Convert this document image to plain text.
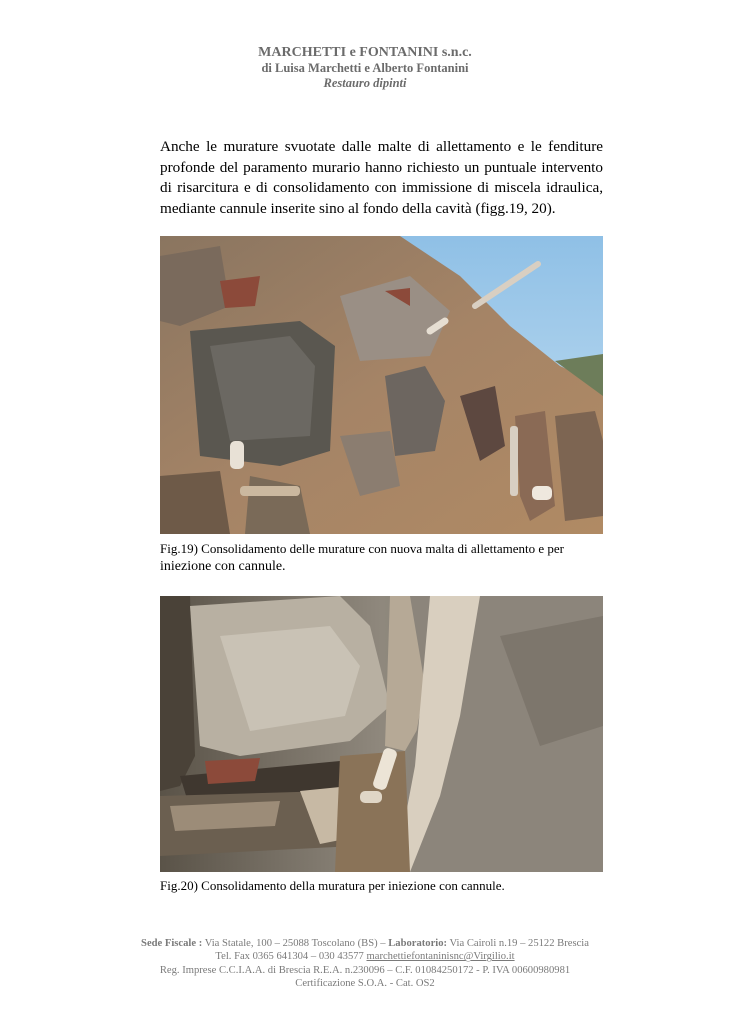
MARCHETTI e FONTANINI s.n.c.
di Luisa Marchetti e Alberto Fontanini
Restauro dipinti
Anche le murature svuotate dalle malte di allettamento e le fenditure profonde del paramento murario hanno richiesto un puntuale intervento di risarcitura e di consolidamento con immissione di miscela idraulica, mediante cannule inserite sino al fondo della cavità (figg.19, 20).
Fig.19) Consolidamento delle murature con nuova malta di allettamento e per
iniezione con cannule.
Fig.20) Consolidamento della muratura per iniezione con cannule.
Sede Fiscale : Via Statale, 100 – 25088 Toscolano (BS) – Laboratorio: Via Cairoli n.19 – 25122 Brescia
Tel. Fax 0365 641304 – 030 43577 marchettiefontaninisnc@Virgilio.it
Reg. Imprese C.C.I.A.A. di Brescia R.E.A. n.230096 – C.F. 01084250172 - P. IVA 00600980981
Certificazione S.O.A. - Cat. OS2
